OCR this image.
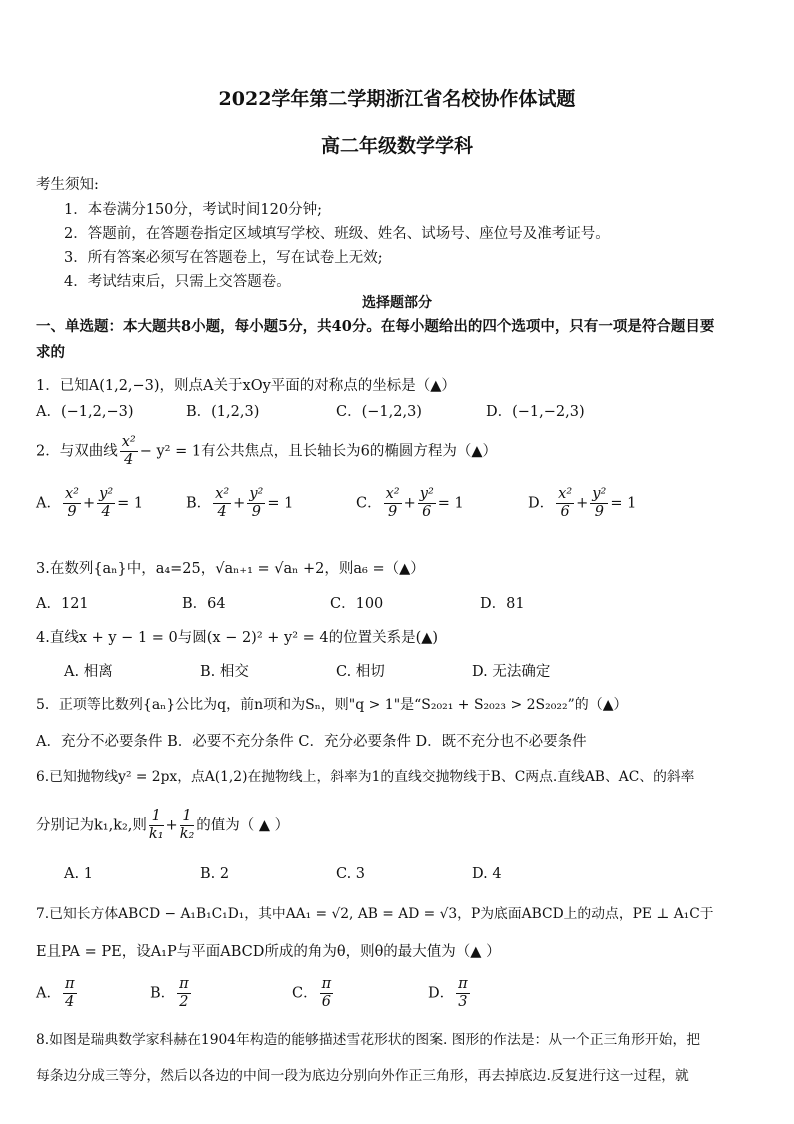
2022学年第二学期浙江省名校协作体试题
高二年级数学学科
考生须知:
1．本卷满分150分，考试时间120分钟;
2．答题前，在答题卷指定区域填写学校、班级、姓名、试场号、座位号及准考证号。
3．所有答案必须写在答题卷上，写在试卷上无效;
4．考试结束后，只需上交答题卷。
选择题部分
一、单选题：本大题共8小题，每小题5分，共40分。在每小题给出的四个选项中，只有一项是符合题目要
求的
1．已知A(1,2,−3)，则点A关于xOy平面的对称点的坐标是（▲）
A．(−1,2,−3)	B．(1,2,3)	C．(−1,2,3)	D．(−1,−2,3)
2．与双曲线 $\frac{\text{x²}}{4} - y^2 = 1$有公共焦点，且长轴长为6的椭圆方程为（▲）
A． $\frac{\text{x²}}{9} + \frac{\text{y²}}{4} = 1$	B． $\frac{\text{x²}}{4} + \frac{\text{y²}}{9} = 1$	C． $\frac{\text{x²}}{9} + \frac{\text{y²}}{6} = 1$	D． $\frac{\text{x²}}{6} + \frac{\text{y²}}{9} = 1$
3.在数列{aₙ}中，a₄=25，√aₙ₊₁ = √aₙ +2，则a₆ =（▲）
A．121	B．64	C．100	D．81
4.直线x + y − 1 = 0与圆(x − 2)² + y² = 4的位置关系是(▲)
A. 相离	B. 相交	C. 相切	D. 无法确定
5．正项等比数列{aₙ}公比为q，前n项和为Sₙ，则"q > 1"是“S₂₀₂₁ + S₂₀₂₃ > 2S₂₀₂₂”的（▲）
A．充分不必要条件 B．必要不充分条件 C．充分必要条件 D．既不充分也不必要条件
6.已知抛物线y² = 2px，点A(1,2)在抛物线上，斜率为1的直线交抛物线于B、C两点.直线AB、AC、的斜率
分别记为k₁,k₂,则 $\frac{1}{\text{k₁}} + \frac{1}{\text{k₂}}$ 的值为（ ▲ ）
A. 1	B. 2	C. 3	D. 4
7.已知长方体ABCD − A₁B₁C₁D₁，其中AA₁ = √2, AB = AD = √3，P为底面ABCD上的动点，PE ⊥ A₁C于
E且PA = PE，设A₁P与平面ABCD所成的角为θ，则θ的最大值为（▲ ）
A． $\frac{\pi}{4}$	B． $\frac{\pi}{2}$	C． $\frac{\pi}{6}$	D． $\frac{\pi}{3}$
8.如图是瑞典数学家科赫在1904年构造的能够描述雪花形状的图案. 图形的作法是：从一个正三角形开始，把
每条边分成三等分，然后以各边的中间一段为底边分别向外作正三角形，再去掉底边.反复进行这一过程，就
